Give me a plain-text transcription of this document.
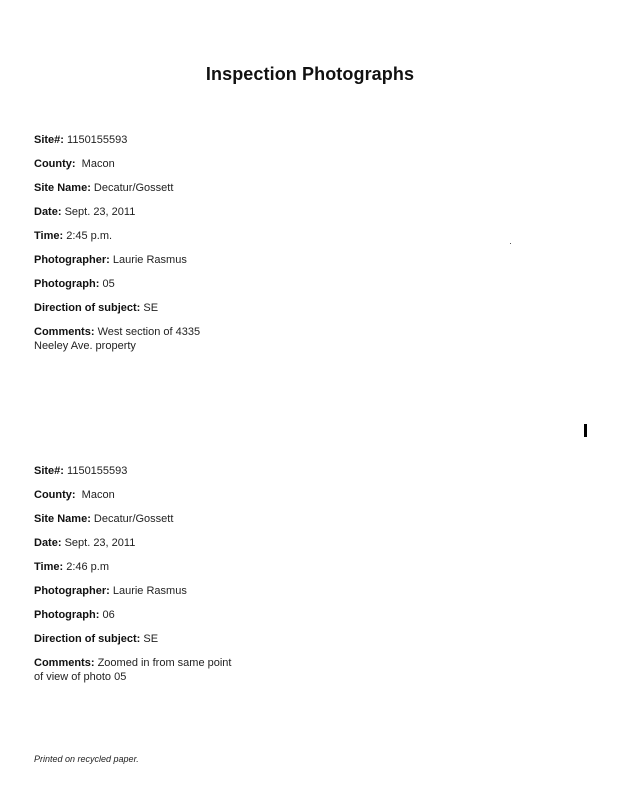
Inspection Photographs
Site#: 1150155593
County: Macon
Site Name: Decatur/Gossett
Date: Sept. 23, 2011
Time: 2:45 p.m.
Photographer: Laurie Rasmus
Photograph: 05
Direction of subject: SE
Comments: West section of 4335 Neeley Ave. property
Site#: 1150155593
County: Macon
Site Name: Decatur/Gossett
Date: Sept. 23, 2011
Time: 2:46 p.m
Photographer: Laurie Rasmus
Photograph: 06
Direction of subject: SE
Comments: Zoomed in from same point of view of photo 05
Printed on recycled paper.
